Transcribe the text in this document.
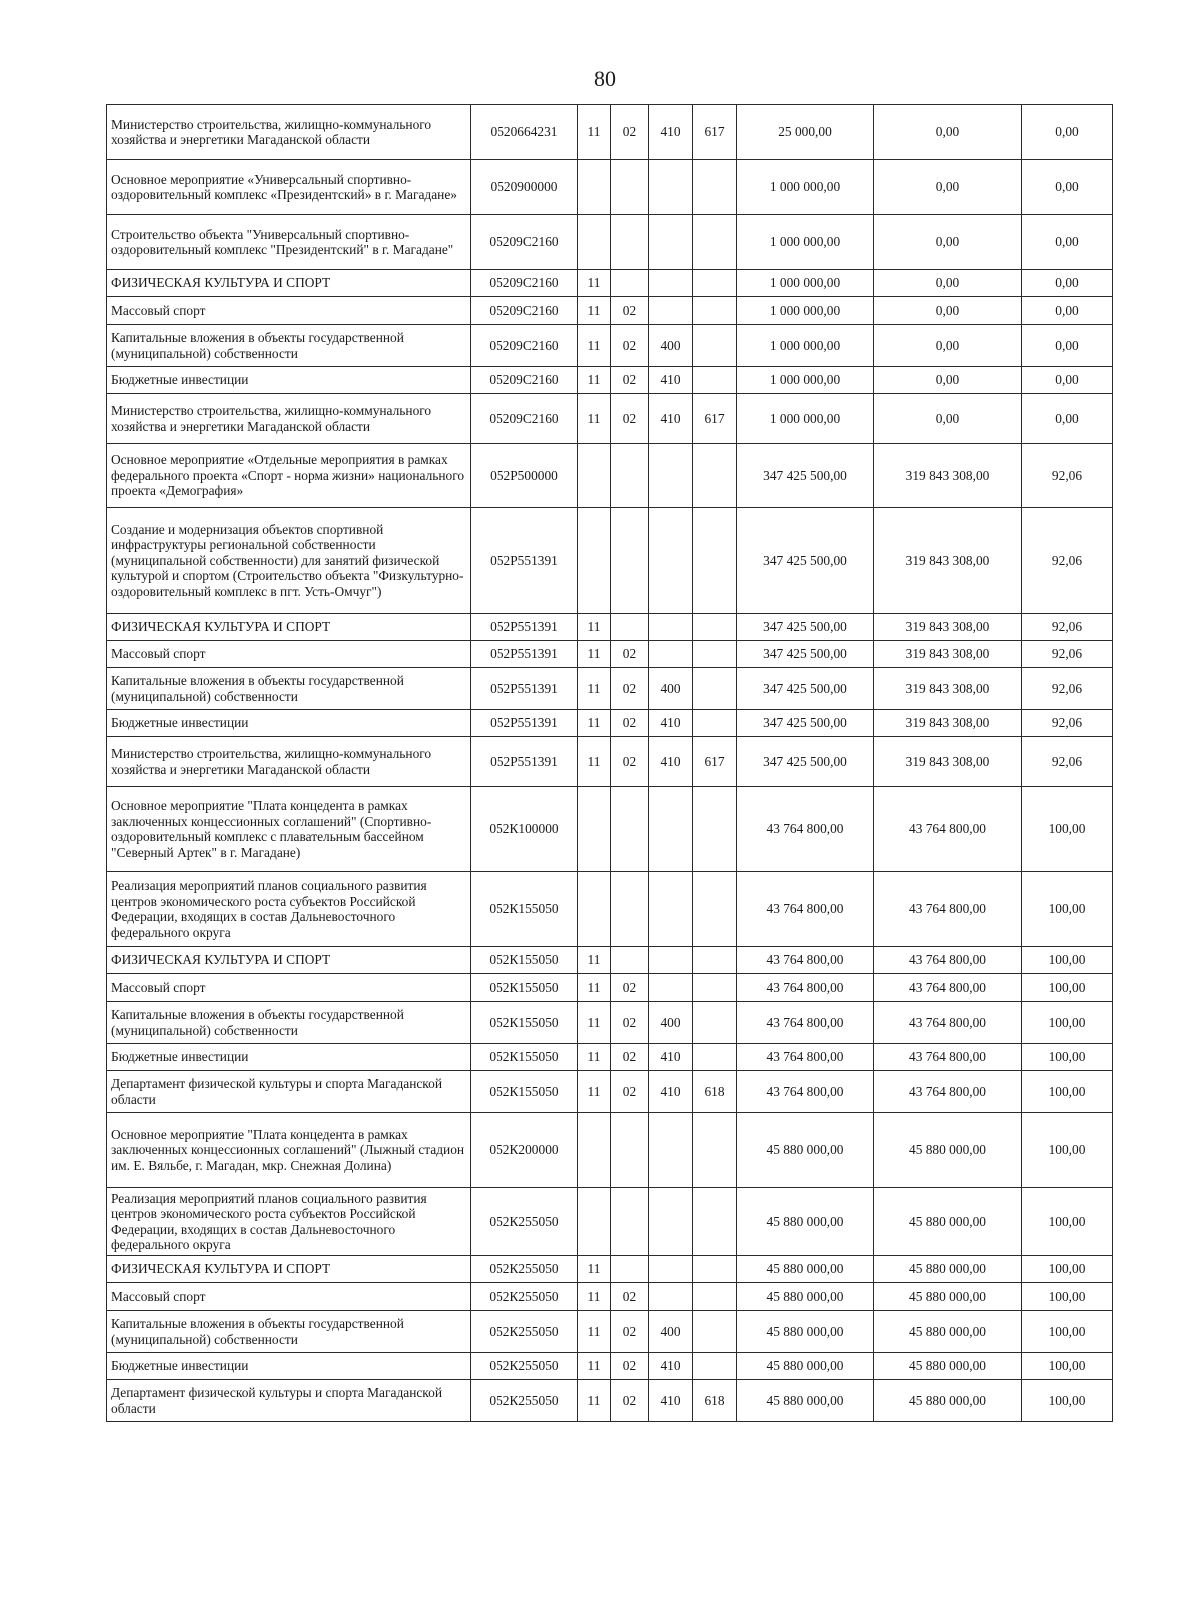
80
Министерство строительства, жилищно-коммунального хозяйства и энергетики Магаданской области	0520664231	11	02	410	617	25 000,00	0,00	0,00
Основное мероприятие «Универсальный спортивно-оздоровительный комплекс «Президентский» в г. Магадане»	0520900000					1 000 000,00	0,00	0,00
Строительство объекта "Универсальный спортивно-оздоровительный комплекс "Президентский" в г. Магадане"	05209С2160					1 000 000,00	0,00	0,00
ФИЗИЧЕСКАЯ КУЛЬТУРА И СПОРТ	05209С2160	11				1 000 000,00	0,00	0,00
Массовый спорт	05209С2160	11	02			1 000 000,00	0,00	0,00
Капитальные вложения в объекты государственной (муниципальной) собственности	05209С2160	11	02	400		1 000 000,00	0,00	0,00
Бюджетные инвестиции	05209С2160	11	02	410		1 000 000,00	0,00	0,00
Министерство строительства, жилищно-коммунального хозяйства и энергетики Магаданской области	05209С2160	11	02	410	617	1 000 000,00	0,00	0,00
Основное мероприятие «Отдельные мероприятия в рамках федерального проекта «Спорт - норма жизни» национального проекта «Демография»	052Р500000					347 425 500,00	319 843 308,00	92,06
Создание и модернизация объектов спортивной инфраструктуры региональной собственности (муниципальной собственности) для занятий физической культурой и спортом (Строительство объекта "Физкультурно-оздоровительный комплекс в пгт. Усть-Омчуг")	052Р551391					347 425 500,00	319 843 308,00	92,06
ФИЗИЧЕСКАЯ КУЛЬТУРА И СПОРТ	052Р551391	11				347 425 500,00	319 843 308,00	92,06
Массовый спорт	052Р551391	11	02			347 425 500,00	319 843 308,00	92,06
Капитальные вложения в объекты государственной (муниципальной) собственности	052Р551391	11	02	400		347 425 500,00	319 843 308,00	92,06
Бюджетные инвестиции	052Р551391	11	02	410		347 425 500,00	319 843 308,00	92,06
Министерство строительства, жилищно-коммунального хозяйства и энергетики Магаданской области	052Р551391	11	02	410	617	347 425 500,00	319 843 308,00	92,06
Основное мероприятие "Плата концедента в рамках заключенных концессионных соглашений" (Спортивно-оздоровительный комплекс с плавательным бассейном "Северный Артек" в г. Магадане)	052К100000					43 764 800,00	43 764 800,00	100,00
Реализация мероприятий планов социального развития центров экономического роста субъектов Российской Федерации, входящих в состав Дальневосточного федерального округа	052К155050					43 764 800,00	43 764 800,00	100,00
ФИЗИЧЕСКАЯ КУЛЬТУРА И СПОРТ	052К155050	11				43 764 800,00	43 764 800,00	100,00
Массовый спорт	052К155050	11	02			43 764 800,00	43 764 800,00	100,00
Капитальные вложения в объекты государственной (муниципальной) собственности	052К155050	11	02	400		43 764 800,00	43 764 800,00	100,00
Бюджетные инвестиции	052К155050	11	02	410		43 764 800,00	43 764 800,00	100,00
Департамент физической культуры и спорта Магаданской области	052К155050	11	02	410	618	43 764 800,00	43 764 800,00	100,00
Основное мероприятие "Плата концедента в рамках заключенных концессионных соглашений" (Лыжный стадион им. Е. Вяльбе, г. Магадан, мкр. Снежная Долина)	052К200000					45 880 000,00	45 880 000,00	100,00
Реализация мероприятий планов социального развития центров экономического роста субъектов Российской Федерации, входящих в состав Дальневосточного федерального округа	052К255050					45 880 000,00	45 880 000,00	100,00
ФИЗИЧЕСКАЯ КУЛЬТУРА И СПОРТ	052К255050	11				45 880 000,00	45 880 000,00	100,00
Массовый спорт	052К255050	11	02			45 880 000,00	45 880 000,00	100,00
Капитальные вложения в объекты государственной (муниципальной) собственности	052К255050	11	02	400		45 880 000,00	45 880 000,00	100,00
Бюджетные инвестиции	052К255050	11	02	410		45 880 000,00	45 880 000,00	100,00
Департамент физической культуры и спорта Магаданской области	052К255050	11	02	410	618	45 880 000,00	45 880 000,00	100,00
